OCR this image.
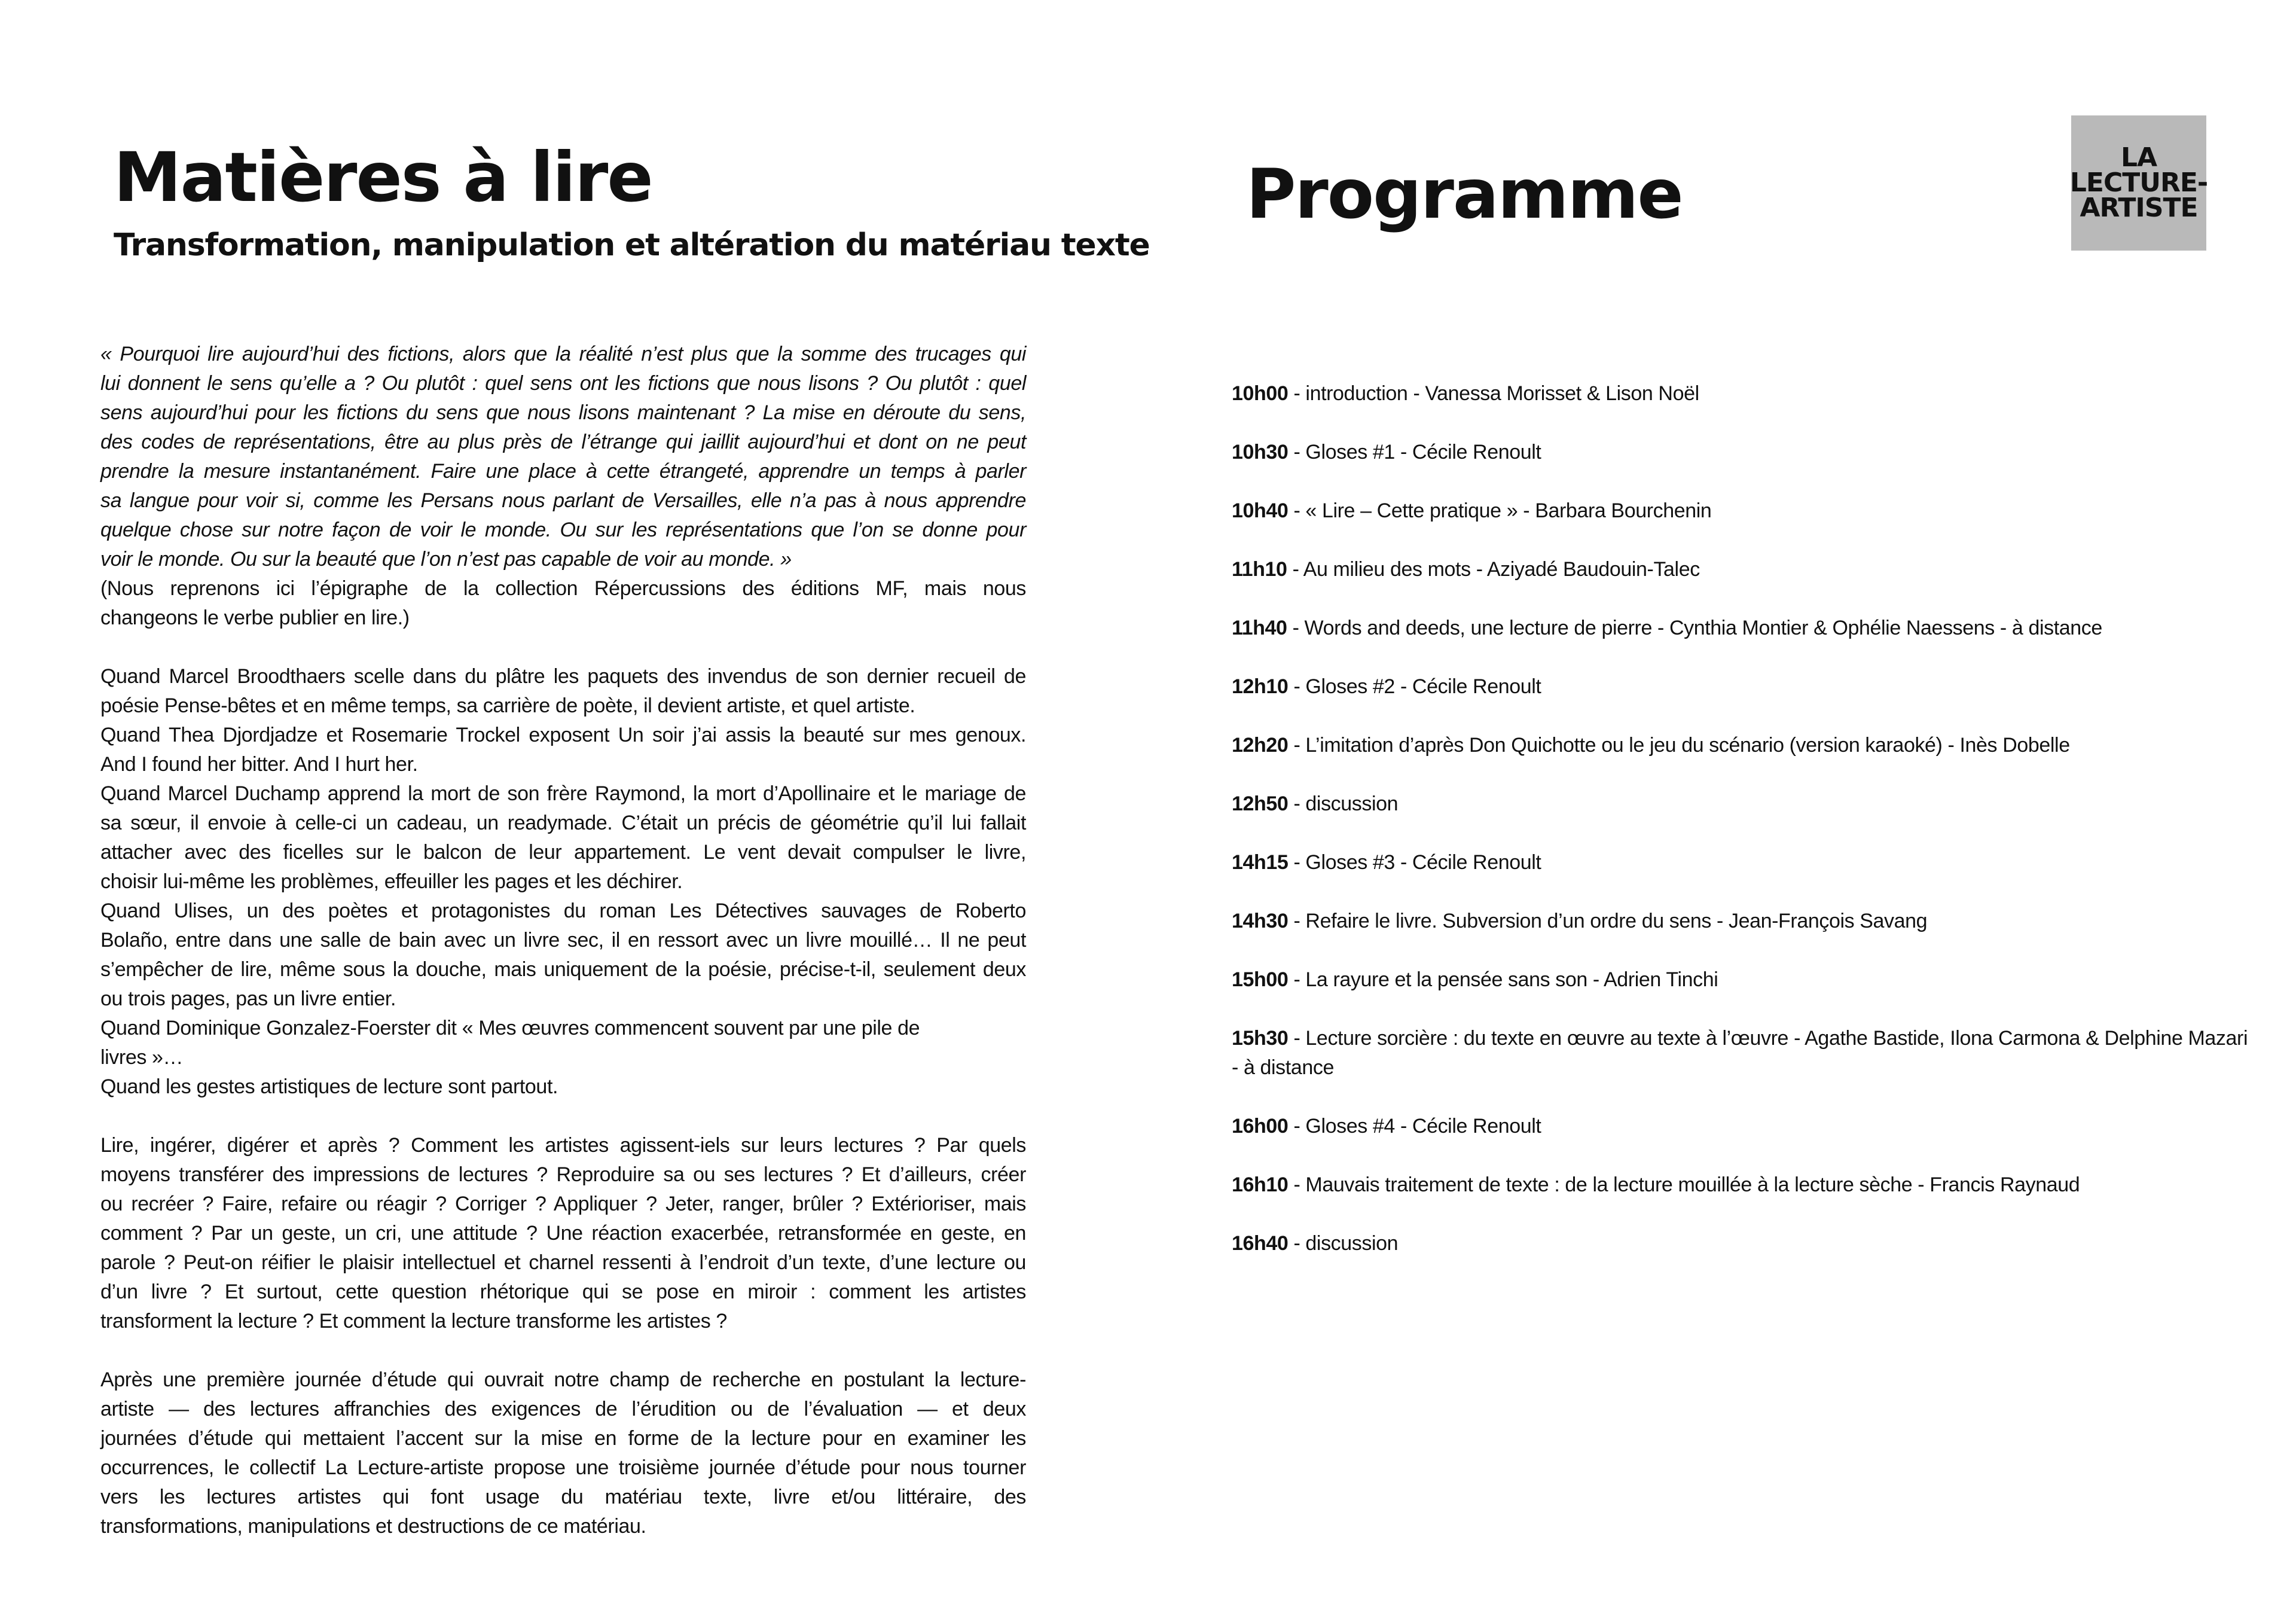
Matières à lire
Transformation, manipulation et altération du matériau texte

« Pourquoi lire aujourd’hui des fictions, alors que la réalité n’est plus que la somme des trucages qui
lui donnent le sens qu’elle a ? Ou plutôt : quel sens ont les fictions que nous lisons ? Ou plutôt : quel
sens aujourd’hui pour les fictions du sens que nous lisons maintenant ? La mise en déroute du sens,
des codes de représentations, être au plus près de l’étrange qui jaillit aujourd’hui et dont on ne peut
prendre la mesure instantanément. Faire une place à cette étrangeté, apprendre un temps à parler
sa langue pour voir si, comme les Persans nous parlant de Versailles, elle n’a pas à nous apprendre
quelque chose sur notre façon de voir le monde. Ou sur les représentations que l’on se donne pour
voir le monde. Ou sur la beauté que l’on n’est pas capable de voir au monde. »
(Nous reprenons ici l’épigraphe de la collection Répercussions des éditions MF, mais nous
changeons le verbe publier en lire.)

Quand Marcel Broodthaers scelle dans du plâtre les paquets des invendus de son dernier recueil de
poésie Pense-bêtes et en même temps, sa carrière de poète, il devient artiste, et quel artiste.
Quand Thea Djordjadze et Rosemarie Trockel exposent Un soir j’ai assis la beauté sur mes genoux.
And I found her bitter. And I hurt her.
Quand Marcel Duchamp apprend la mort de son frère Raymond, la mort d’Apollinaire et le mariage de
sa sœur, il envoie à celle-ci un cadeau, un readymade. C’était un précis de géométrie qu’il lui fallait
attacher avec des ficelles sur le balcon de leur appartement. Le vent devait compulser le livre,
choisir lui-même les problèmes, effeuiller les pages et les déchirer.
Quand Ulises, un des poètes et protagonistes du roman Les Détectives sauvages de Roberto
Bolaño, entre dans une salle de bain avec un livre sec, il en ressort avec un livre mouillé… Il ne peut
s’empêcher de lire, même sous la douche, mais uniquement de la poésie, précise-t-il, seulement deux
ou trois pages, pas un livre entier.
Quand Dominique Gonzalez-Foerster dit « Mes œuvres commencent souvent par une pile de
livres »…
Quand les gestes artistiques de lecture sont partout.

Lire, ingérer, digérer et après ? Comment les artistes agissent-iels sur leurs lectures ? Par quels
moyens transférer des impressions de lectures ? Reproduire sa ou ses lectures ? Et d’ailleurs, créer
ou recréer ? Faire, refaire ou réagir ? Corriger ? Appliquer ? Jeter, ranger, brûler ? Extérioriser, mais
comment ? Par un geste, un cri, une attitude ? Une réaction exacerbée, retransformée en geste, en
parole ? Peut-on réifier le plaisir intellectuel et charnel ressenti à l’endroit d’un texte, d’une lecture ou
d’un livre ? Et surtout, cette question rhétorique qui se pose en miroir : comment les artistes
transforment la lecture ? Et comment la lecture transforme les artistes ?

Après une première journée d’étude qui ouvrait notre champ de recherche en postulant la lecture-
artiste — des lectures affranchies des exigences de l’érudition ou de l’évaluation — et deux
journées d’étude qui mettaient l’accent sur la mise en forme de la lecture pour en examiner les
occurrences, le collectif La Lecture-artiste propose une troisième journée d’étude pour nous tourner
vers les lectures artistes qui font usage du matériau texte, livre et/ou littéraire, des
transformations, manipulations et destructions de ce matériau.

Programme	LA
LECTURE-
ARTISTE
10h00 - introduction - Vanessa Morisset & Lison Noël
10h30 - Gloses #1 - Cécile Renoult
10h40 - « Lire – Cette pratique » - Barbara Bourchenin
11h10 - Au milieu des mots - Aziyadé Baudouin-Talec
11h40 - Words and deeds, une lecture de pierre - Cynthia Montier & Ophélie Naessens - à distance
12h10 - Gloses #2 - Cécile Renoult
12h20 - L’imitation d’après Don Quichotte ou le jeu du scénario (version karaoké) - Inès Dobelle
12h50 - discussion
14h15 - Gloses #3 - Cécile Renoult
14h30 - Refaire le livre. Subversion d’un ordre du sens - Jean-François Savang
15h00 - La rayure et la pensée sans son - Adrien Tinchi
15h30 - Lecture sorcière : du texte en œuvre au texte à l’œuvre - Agathe Bastide, Ilona Carmona & Delphine Mazari - à distance
16h00 - Gloses #4 - Cécile Renoult
16h10 - Mauvais traitement de texte : de la lecture mouillée à la lecture sèche - Francis Raynaud
16h40 - discussion
